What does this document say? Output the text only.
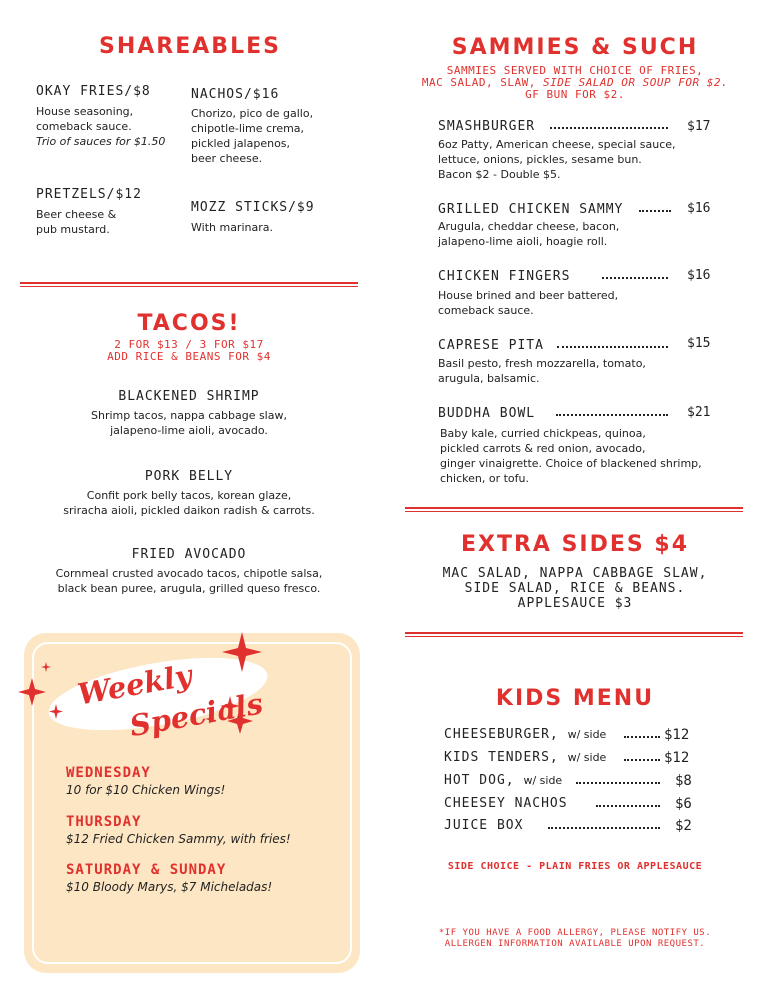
SHAREABLES
OKAY FRIES/$8
House seasoning,
comeback sauce.
Trio of sauces for $1.50
NACHOS/$16
Chorizo, pico de gallo,
chipotle-lime crema,
pickled jalapenos,
beer cheese.
PRETZELS/$12
Beer cheese &
pub mustard.
MOZZ STICKS/$9
With marinara.
TACOS!
2 FOR $13 / 3 FOR $17
ADD RICE & BEANS FOR $4
BLACKENED SHRIMP
Shrimp tacos, nappa cabbage slaw,
jalapeno-lime aioli, avocado.
PORK BELLY
Confit pork belly tacos, korean glaze,
sriracha aioli, pickled daikon radish & carrots.
FRIED AVOCADO
Cornmeal crusted avocado tacos, chipotle salsa,
black bean puree, arugula, grilled queso fresco.
Weekly
Specials
WEDNESDAY
10 for $10 Chicken Wings!
THURSDAY
$12 Fried Chicken Sammy, with fries!
SATURDAY & SUNDAY
$10 Bloody Marys, $7 Micheladas!
SAMMIES & SUCH
SAMMIES SERVED WITH CHOICE OF FRIES,
MAC SALAD, SLAW, SIDE SALAD OR SOUP FOR $2.
GF BUN FOR $2.
SMASHBURGER	$17
6oz Patty, American cheese, special sauce,
lettuce, onions, pickles, sesame bun.
Bacon $2 - Double $5.
GRILLED CHICKEN SAMMY	$16
Arugula, cheddar cheese, bacon,
jalapeno-lime aioli, hoagie roll.
CHICKEN FINGERS	$16
House brined and beer battered,
comeback sauce.
CAPRESE PITA	$15
Basil pesto, fresh mozzarella, tomato,
arugula, balsamic.
BUDDHA BOWL	$21
Baby kale, curried chickpeas, quinoa,
pickled carrots & red onion, avocado,
ginger vinaigrette. Choice of blackened shrimp,
chicken, or tofu.
EXTRA SIDES $4
MAC SALAD, NAPPA CABBAGE SLAW,
SIDE SALAD, RICE & BEANS.
APPLESAUCE $3
KIDS MENU
CHEESEBURGER, w/ side	$12
KIDS TENDERS, w/ side	$12
HOT DOG, w/ side	$8
CHEESEY NACHOS	$6
JUICE BOX	$2
SIDE CHOICE - PLAIN FRIES OR APPLESAUCE
*IF YOU HAVE A FOOD ALLERGY, PLEASE NOTIFY US.
ALLERGEN INFORMATION AVAILABLE UPON REQUEST.
